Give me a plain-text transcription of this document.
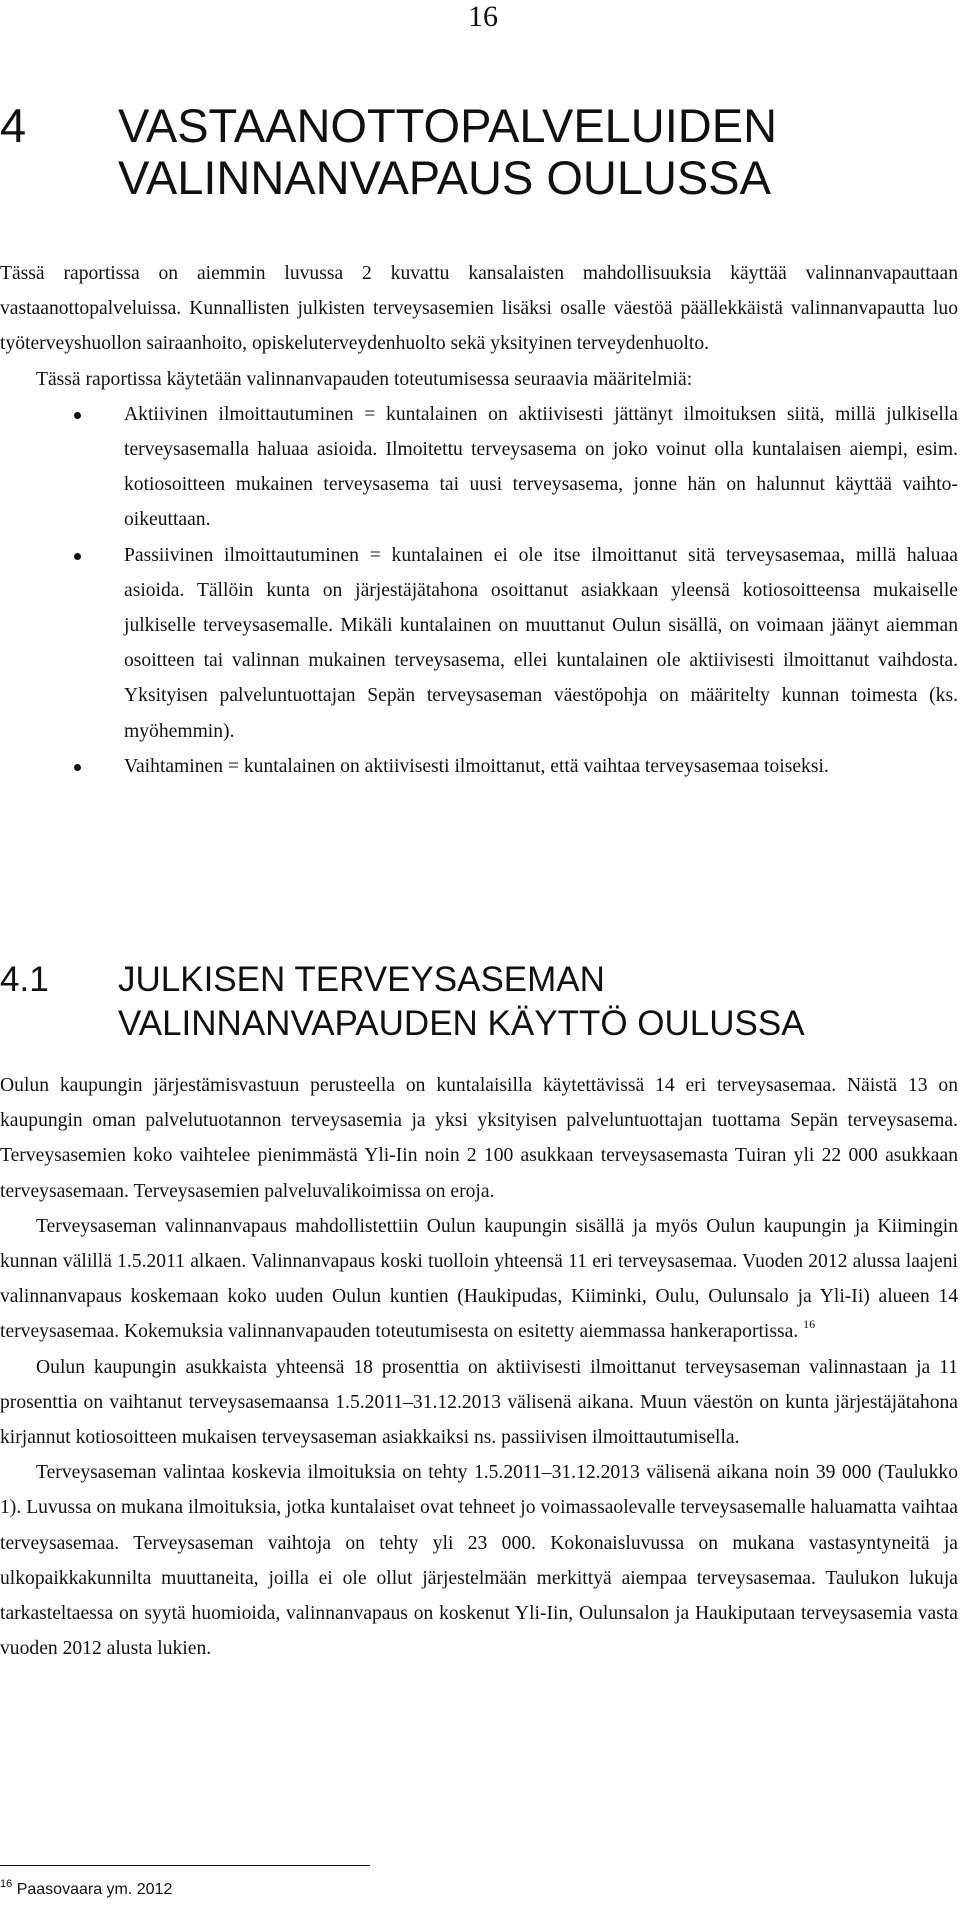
16
4 VASTAANOTTOPALVELUIDEN VALINNANVAPAUS OULUSSA

Tässä raportissa on aiemmin luvussa 2 kuvattu kansalaisten mahdollisuuksia käyttää valinnanvapauttaan vastaanottopalveluissa. Kunnallisten julkisten terveysasemien lisäksi osalle väestöä päällekkäistä valinnanvapautta luo työterveyshuollon sairaanhoito, opiskeluterveydenhuolto sekä yksityinen terveydenhuolto.

Tässä raportissa käytetään valinnanvapauden toteutumisessa seuraavia määritelmiä:

Aktiivinen ilmoittautuminen = kuntalainen on aktiivisesti jättänyt ilmoituksen siitä, millä julkisella terveysasemalla haluaa asioida. Ilmoitettu terveysasema on joko voinut olla kuntalaisen aiempi, esim. kotiosoitteen mukainen terveysasema tai uusi terveysasema, jonne hän on halunnut käyttää vaihto-oikeuttaan.
Passiivinen ilmoittautuminen = kuntalainen ei ole itse ilmoittanut sitä terveysasemaa, millä haluaa asioida. Tällöin kunta on järjestäjätahona osoittanut asiakkaan yleensä kotiosoitteensa mukaiselle julkiselle terveysasemalle. Mikäli kuntalainen on muuttanut Oulun sisällä, on voimaan jäänyt aiemman osoitteen tai valinnan mukainen terveysasema, ellei kuntalainen ole aktiivisesti ilmoittanut vaihdosta. Yksityisen palveluntuottajan Sepän terveysaseman väestöpohja on määritelty kunnan toimesta (ks. myöhemmin).
Vaihtaminen = kuntalainen on aktiivisesti ilmoittanut, että vaihtaa terveysasemaa toiseksi.
4.1 JULKISEN TERVEYSASEMAN VALINNANVAPAUDEN KÄYTTÖ OULUSSA

Oulun kaupungin järjestämisvastuun perusteella on kuntalaisilla käytettävissä 14 eri terveysasemaa. Näistä 13 on kaupungin oman palvelutuotannon terveysasemia ja yksi yksityisen palveluntuottajan tuottama Sepän terveysasema. Terveysasemien koko vaihtelee pienimmästä Yli-Iin noin 2 100 asukkaan terveysasemasta Tuiran yli 22 000 asukkaan terveysasemaan. Terveysasemien palveluvalikoimissa on eroja.

Terveysaseman valinnanvapaus mahdollistettiin Oulun kaupungin sisällä ja myös Oulun kaupungin ja Kiimingin kunnan välillä 1.5.2011 alkaen. Valinnanvapaus koski tuolloin yhteensä 11 eri terveysasemaa. Vuoden 2012 alussa laajeni valinnanvapaus koskemaan koko uuden Oulun kuntien (Haukipudas, Kiiminki, Oulu, Oulunsalo ja Yli-Ii) alueen 14 terveysasemaa. Kokemuksia valinnanvapauden toteutumisesta on esitetty aiemmassa hankeraportissa. $^{16}$

Oulun kaupungin asukkaista yhteensä 18 prosenttia on aktiivisesti ilmoittanut terveysaseman valinnastaan ja 11 prosenttia on vaihtanut terveysasemaansa 1.5.2011–31.12.2013 välisenä aikana. Muun väestön on kunta järjestäjätahona kirjannut kotiosoitteen mukaisen terveysaseman asiakkaiksi ns. passiivisen ilmoittautumisella.

Terveysaseman valintaa koskevia ilmoituksia on tehty 1.5.2011–31.12.2013 välisenä aikana noin 39 000 (Taulukko 1). Luvussa on mukana ilmoituksia, jotka kuntalaiset ovat tehneet jo voimassaolevalle terveysasemalle haluamatta vaihtaa terveysasemaa. Terveysaseman vaihtoja on tehty yli 23 000. Kokonaisluvussa on mukana vastasyntyneitä ja ulkopaikkakunnilta muuttaneita, joilla ei ole ollut järjestelmään merkittyä aiempaa terveysasemaa. Taulukon lukuja tarkasteltaessa on syytä huomioida, valinnanvapaus on koskenut Yli-Iin, Oulunsalon ja Haukiputaan terveysasemia vasta vuoden 2012 alusta lukien.

$^{16}$ Paasovaara ym. 2012
